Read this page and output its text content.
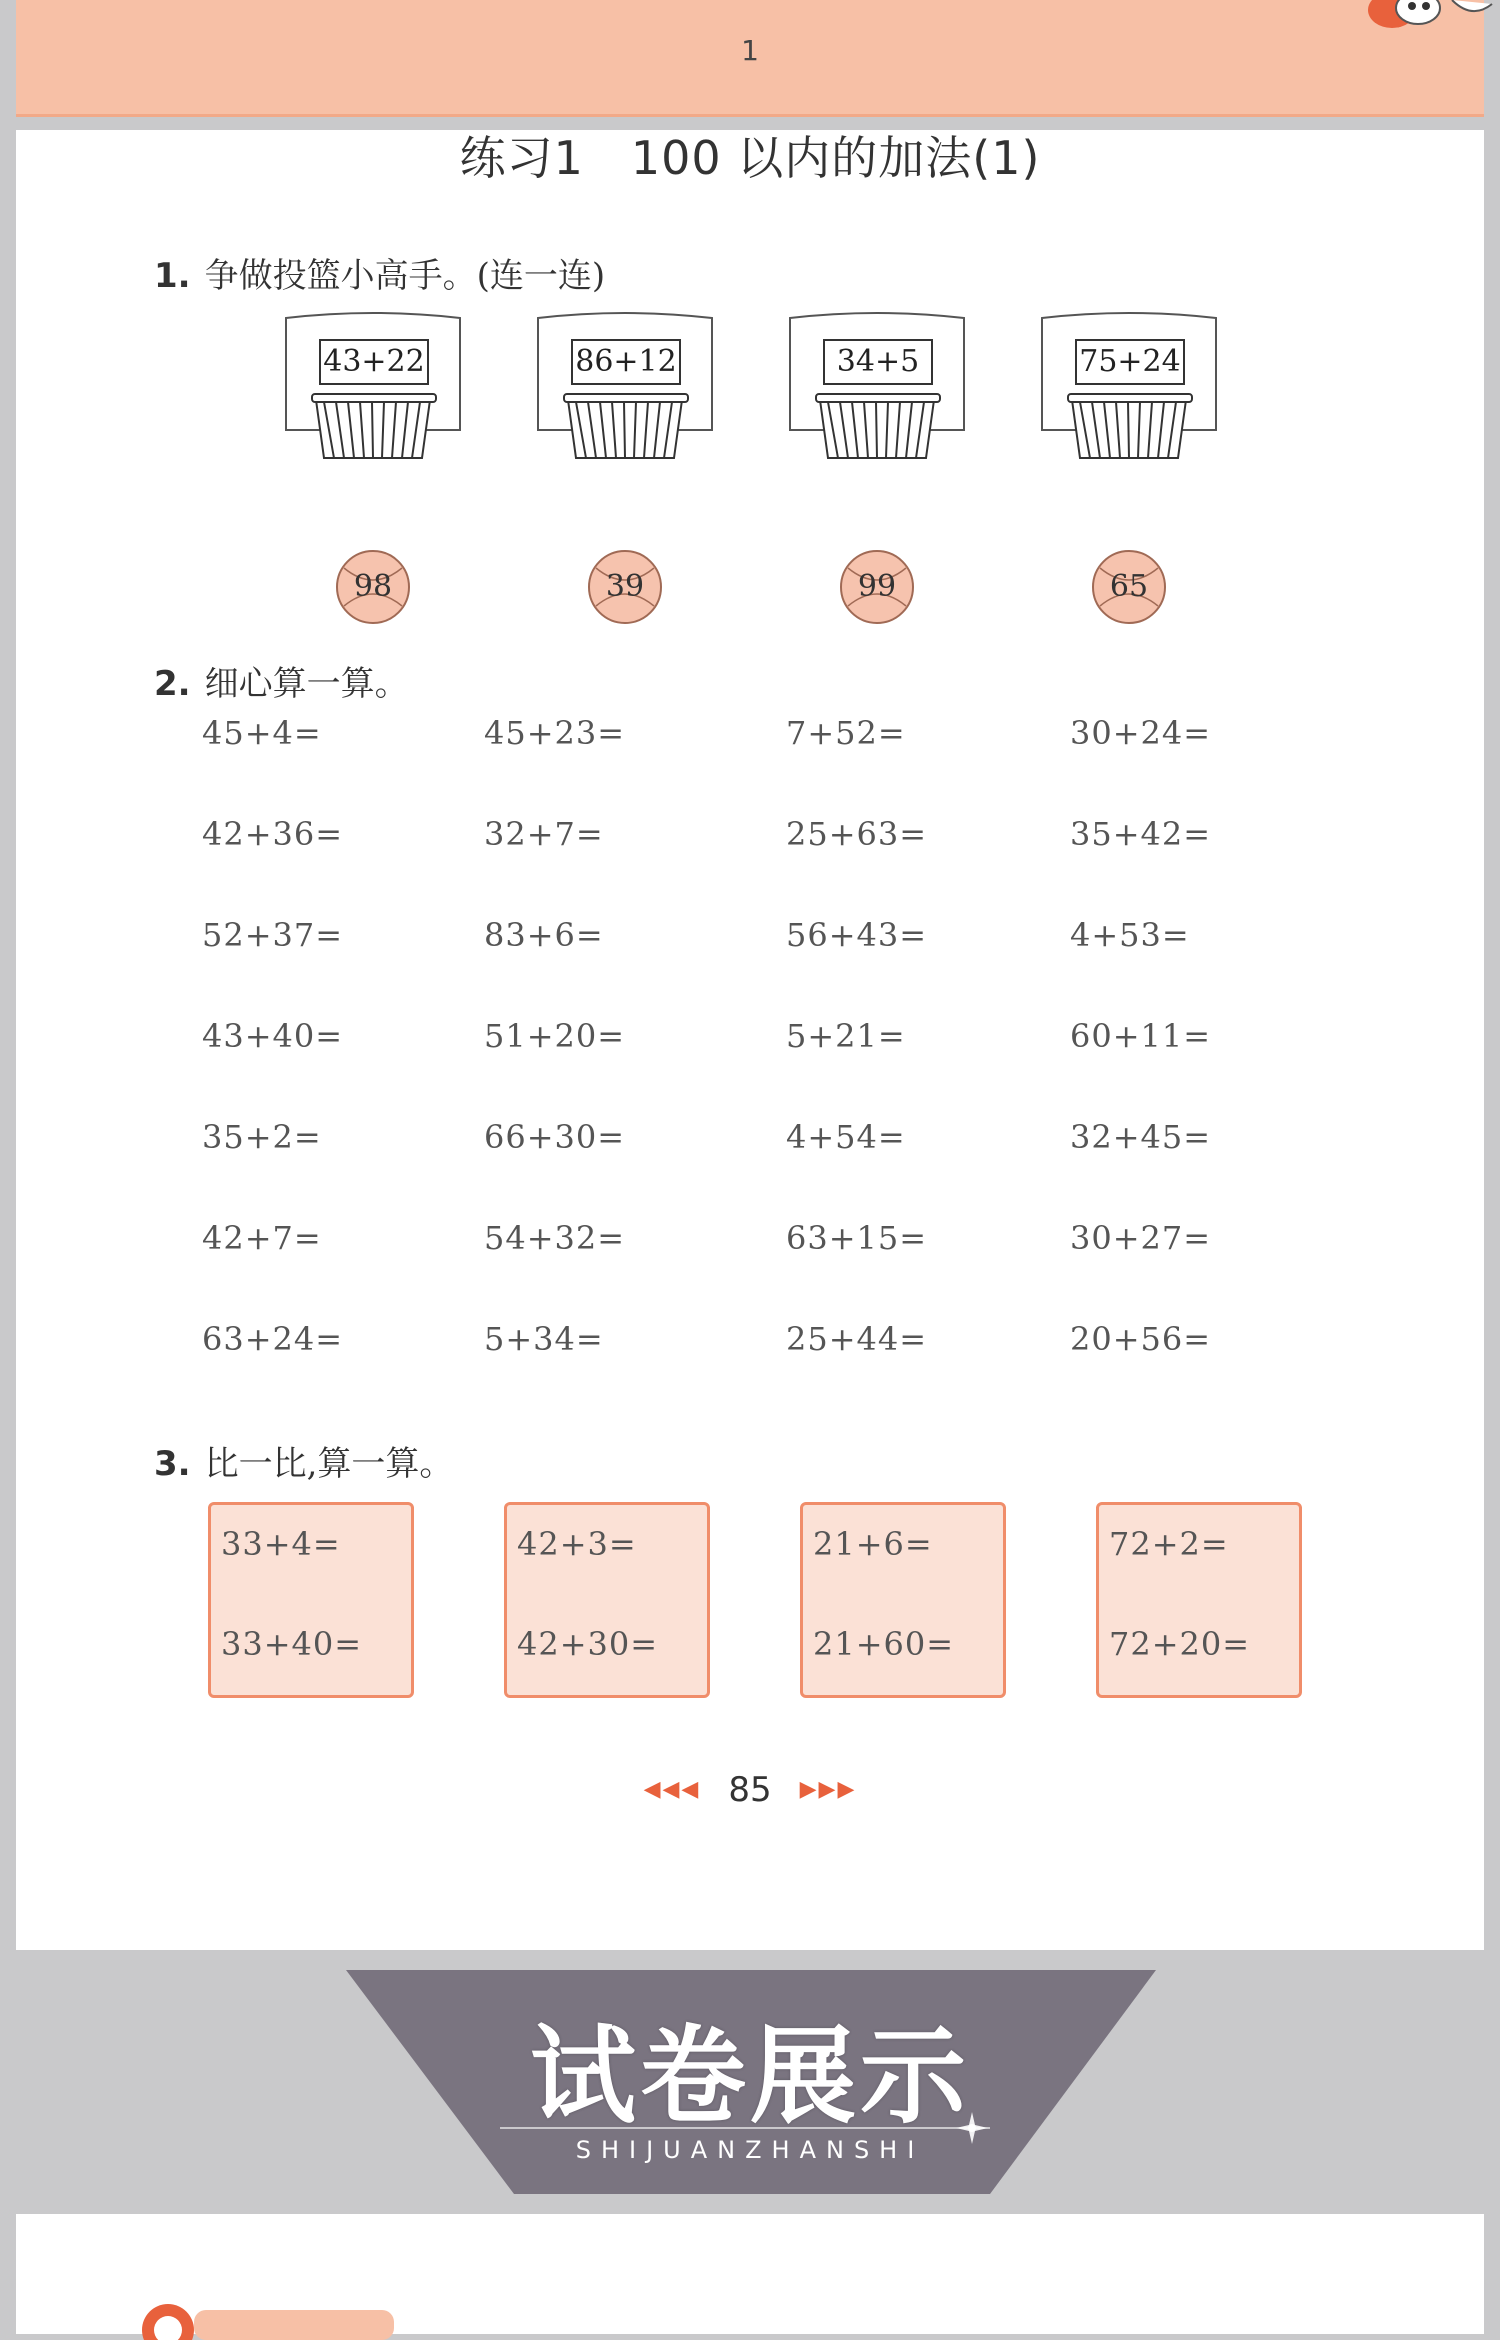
1
练习1　100 以内的加法(1)
1. 争做投篮小高手。(连一连)
43+22	86+12	34+5	75+24
98	39	99	65
2. 细心算一算。
45+4=	45+23=	7+52=	30+24=
42+36=	32+7=	25+63=	35+42=
52+37=	83+6=	56+43=	4+53=
43+40=	51+20=	5+21=	60+11=
35+2=	66+30=	4+54=	32+45=
42+7=	54+32=	63+15=	30+27=
63+24=	5+34=	25+44=	20+56=
3. 比一比,算一算。
33+4=
33+40=
42+3=
42+30=
21+6=
21+60=
72+2=
72+20=
◀◀◀ 85 ▶▶▶
试卷展示
SHIJUANZHANSHI
